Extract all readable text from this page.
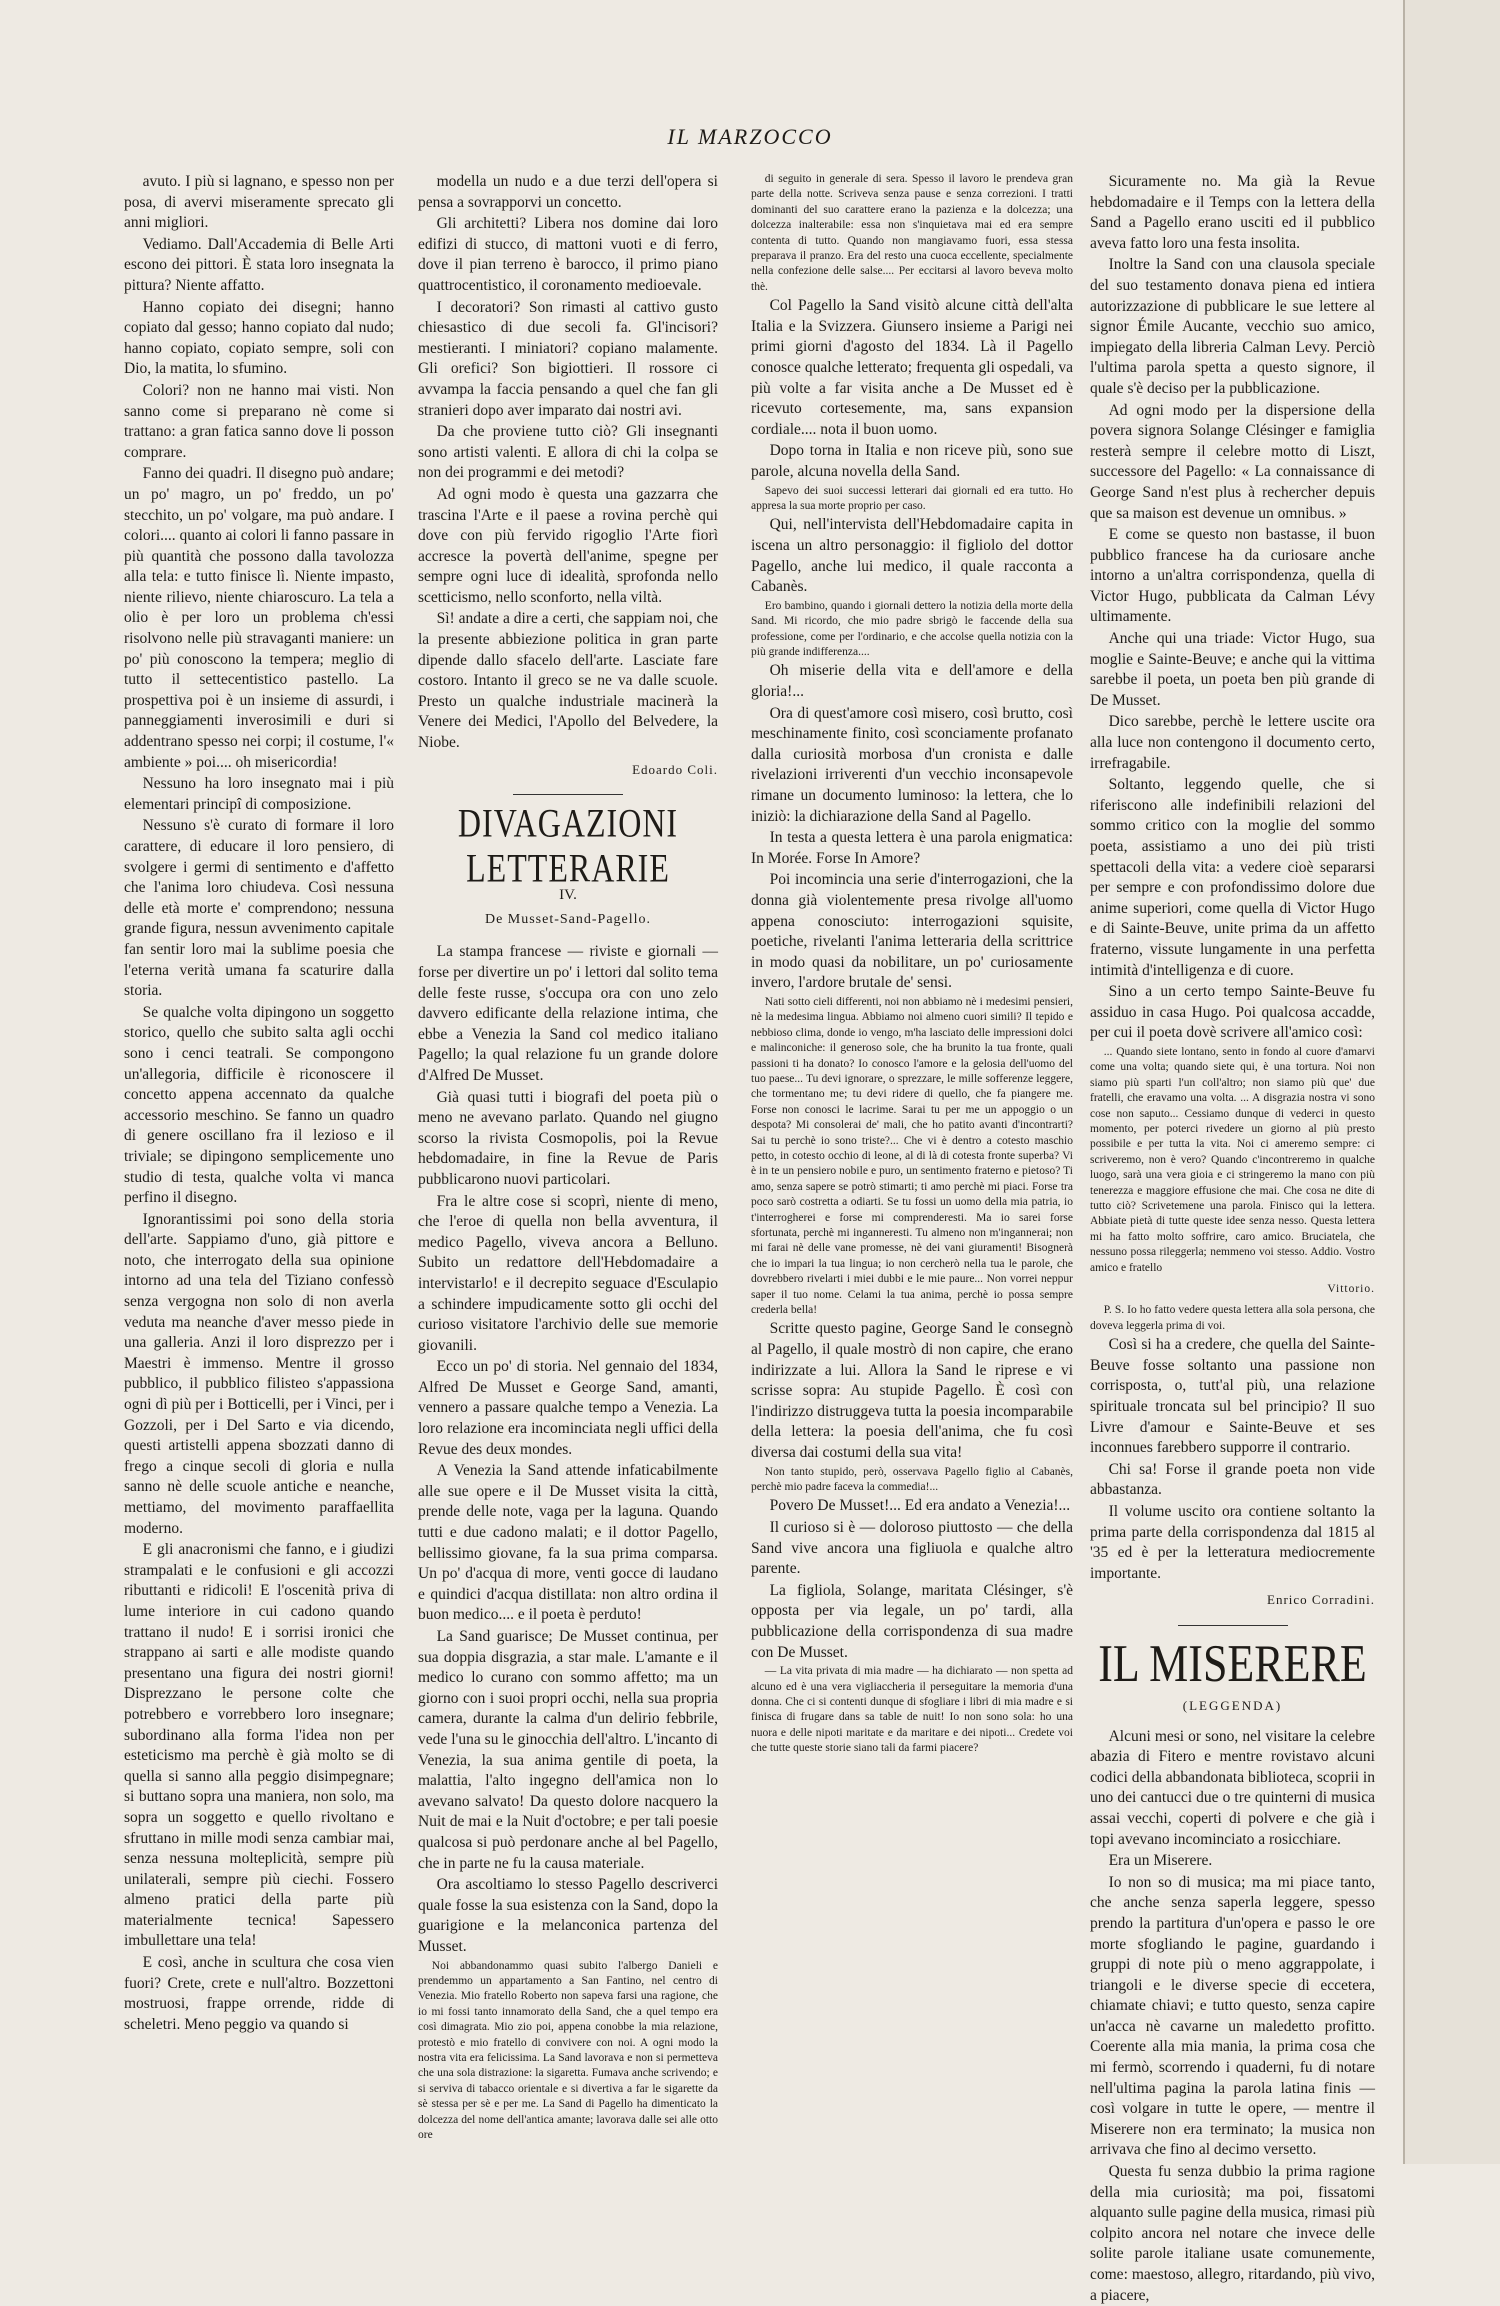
IL MARZOCCO

avuto. I più si lagnano, e spesso non per posa, di avervi miseramente sprecato gli anni migliori.

Vediamo. Dall'Accademia di Belle Arti escono dei pittori. È stata loro insegnata la pittura? Niente affatto.

Hanno copiato dei disegni; hanno copiato dal gesso; hanno copiato dal nudo; hanno copiato, copiato sempre, soli con Dio, la matita, lo sfumino.

Colori? non ne hanno mai visti. Non sanno come si preparano nè come si trattano: a gran fatica sanno dove li posson comprare.

Fanno dei quadri. Il disegno può andare; un po' magro, un po' freddo, un po' stecchito, un po' volgare, ma può andare. I colori.... quanto ai colori li fanno passare in più quantità che possono dalla tavolozza alla tela: e tutto finisce lì. Niente impasto, niente rilievo, niente chiaroscuro. La tela a olio è per loro un problema ch'essi risolvono nelle più stravaganti maniere: un po' più conoscono la tempera; meglio di tutto il settecentistico pastello. La prospettiva poi è un insieme di assurdi, i panneggiamenti inverosimili e duri si addentrano spesso nei corpi; il costume, l'« ambiente » poi.... oh misericordia!

Nessuno ha loro insegnato mai i più elementari principî di composizione.

Nessuno s'è curato di formare il loro carattere, di educare il loro pensiero, di svolgere i germi di sentimento e d'affetto che l'anima loro chiudeva. Così nessuna delle età morte e' comprendono; nessuna grande figura, nessun avvenimento capitale fan sentir loro mai la sublime poesia che l'eterna verità umana fa scaturire dalla storia.

Se qualche volta dipingono un soggetto storico, quello che subito salta agli occhi sono i cenci teatrali. Se compongono un'allegoria, difficile è riconoscere il concetto appena accennato da qualche accessorio meschino. Se fanno un quadro di genere oscillano fra il lezioso e il triviale; se dipingono semplicemente uno studio di testa, qualche volta vi manca perfino il disegno.

Ignorantissimi poi sono della storia dell'arte. Sappiamo d'uno, già pittore e noto, che interrogato della sua opinione intorno ad una tela del Tiziano confessò senza vergogna non solo di non averla veduta ma neanche d'aver messo piede in una galleria. Anzi il loro disprezzo per i Maestri è immenso. Mentre il grosso pubblico, il pubblico filisteo s'appassiona ogni dì più per i Botticelli, per i Vinci, per i Gozzoli, per i Del Sarto e via dicendo, questi artistelli appena sbozzati danno di frego a cinque secoli di gloria e nulla sanno nè delle scuole antiche e neanche, mettiamo, del movimento paraffaellita moderno.

E gli anacronismi che fanno, e i giudizi strampalati e le confusioni e gli accozzi ributtanti e ridicoli! E l'oscenità priva di lume interiore in cui cadono quando trattano il nudo! E i sorrisi ironici che strappano ai sarti e alle modiste quando presentano una figura dei nostri giorni! Disprezzano le persone colte che potrebbero e vorrebbero loro insegnare; subordinano alla forma l'idea non per esteticismo ma perchè è già molto se di quella si sanno alla peggio disimpegnare; si buttano sopra una maniera, non solo, ma sopra un soggetto e quello rivoltano e sfruttano in mille modi senza cambiar mai, senza nessuna molteplicità, sempre più unilaterali, sempre più ciechi. Fossero almeno pratici della parte più materialmente tecnica! Sapessero imbullettare una tela!

E così, anche in scultura che cosa vien fuori? Crete, crete e null'altro. Bozzettoni mostruosi, frappe orrende, ridde di scheletri. Meno peggio va quando si

modella un nudo e a due terzi dell'opera si pensa a sovrapporvi un concetto.

Gli architetti? Libera nos domine dai loro edifizi di stucco, di mattoni vuoti e di ferro, dove il pian terreno è barocco, il primo piano quattrocentistico, il coronamento medioevale.

I decoratori? Son rimasti al cattivo gusto chiesastico di due secoli fa. Gl'incisori? mestieranti. I miniatori? copiano malamente. Gli orefici? Son bigiottieri. Il rossore ci avvampa la faccia pensando a quel che fan gli stranieri dopo aver imparato dai nostri avi.

Da che proviene tutto ciò? Gli insegnanti sono artisti valenti. E allora di chi la colpa se non dei programmi e dei metodi?

Ad ogni modo è questa una gazzarra che trascina l'Arte e il paese a rovina perchè qui dove con più fervido rigoglio l'Arte fiorì accresce la povertà dell'anime, spegne per sempre ogni luce di idealità, sprofonda nello scetticismo, nello sconforto, nella viltà.

Sì! andate a dire a certi, che sappiam noi, che la presente abbiezione politica in gran parte dipende dallo sfacelo dell'arte. Lasciate fare costoro. Intanto il greco se ne va dalle scuole. Presto un qualche industriale macinerà la Venere dei Medici, l'Apollo del Belvedere, la Niobe.

Edoardo Coli.
DIVAGAZIONI LETTERARIE
IV.
De Musset-Sand-Pagello.

La stampa francese — riviste e giornali — forse per divertire un po' i lettori dal solito tema delle feste russe, s'occupa ora con uno zelo davvero edificante della relazione intima, che ebbe a Venezia la Sand col medico italiano Pagello; la qual relazione fu un grande dolore d'Alfred De Musset.

Già quasi tutti i biografi del poeta più o meno ne avevano parlato. Quando nel giugno scorso la rivista Cosmopolis, poi la Revue hebdomadaire, in fine la Revue de Paris pubblicarono nuovi particolari.

Fra le altre cose si scoprì, niente di meno, che l'eroe di quella non bella avventura, il medico Pagello, viveva ancora a Belluno. Subito un redattore dell'Hebdomadaire a intervistarlo! e il decrepito seguace d'Esculapio a schindere impudicamente sotto gli occhi del curioso visitatore l'archivio delle sue memorie giovanili.

Ecco un po' di storia. Nel gennaio del 1834, Alfred De Musset e George Sand, amanti, vennero a passare qualche tempo a Venezia. La loro relazione era incominciata negli uffici della Revue des deux mondes.

A Venezia la Sand attende infaticabilmente alle sue opere e il De Musset visita la città, prende delle note, vaga per la laguna. Quando tutti e due cadono malati; e il dottor Pagello, bellissimo giovane, fa la sua prima comparsa. Un po' d'acqua di more, venti gocce di laudano e quindici d'acqua distillata: non altro ordina il buon medico.... e il poeta è perduto!

La Sand guarisce; De Musset continua, per sua doppia disgrazia, a star male. L'amante e il medico lo curano con sommo affetto; ma un giorno con i suoi propri occhi, nella sua propria camera, durante la calma d'un delirio febbrile, vede l'una su le ginocchia dell'altro. L'incanto di Venezia, la sua anima gentile di poeta, la malattia, l'alto ingegno dell'amica non lo avevano salvato! Da questo dolore nacquero la Nuit de mai e la Nuit d'octobre; e per tali poesie qualcosa si può perdonare anche al bel Pagello, che in parte ne fu la causa materiale.

Ora ascoltiamo lo stesso Pagello descriverci quale fosse la sua esistenza con la Sand, dopo la guarigione e la melanconica partenza del Musset.

Noi abbandonammo quasi subito l'albergo Danieli e prendemmo un appartamento a San Fantino, nel centro di Venezia. Mio fratello Roberto non sapeva farsi una ragione, che io mi fossi tanto innamorato della Sand, che a quel tempo era così dimagrata. Mio zio poi, appena conobbe la mia relazione, protestò e mio fratello di convivere con noi. A ogni modo la nostra vita era felicissima. La Sand lavorava e non si permetteva che una sola distrazione: la sigaretta. Fumava anche scrivendo; e si serviva di tabacco orientale e si divertiva a far le sigarette da sè stessa per sè e per me. La Sand di Pagello ha dimenticato la dolcezza del nome dell'antica amante; lavorava dalle sei alle otto ore

di seguito in generale di sera. Spesso il lavoro le prendeva gran parte della notte. Scriveva senza pause e senza correzioni. I tratti dominanti del suo carattere erano la pazienza e la dolcezza; una dolcezza inalterabile: essa non s'inquietava mai ed era sempre contenta di tutto. Quando non mangiavamo fuori, essa stessa preparava il pranzo. Era del resto una cuoca eccellente, specialmente nella confezione delle salse.... Per eccitarsi al lavoro beveva molto thè.

Col Pagello la Sand visitò alcune città dell'alta Italia e la Svizzera. Giunsero insieme a Parigi nei primi giorni d'agosto del 1834. Là il Pagello conosce qualche letterato; frequenta gli ospedali, va più volte a far visita anche a De Musset ed è ricevuto cortesemente, ma, sans expansion cordiale.... nota il buon uomo.

Dopo torna in Italia e non riceve più, sono sue parole, alcuna novella della Sand.

Sapevo dei suoi successi letterari dai giornali ed era tutto. Ho appresa la sua morte proprio per caso.

Qui, nell'intervista dell'Hebdomadaire capita in iscena un altro personaggio: il figliolo del dottor Pagello, anche lui medico, il quale racconta a Cabanès.

Ero bambino, quando i giornali dettero la notizia della morte della Sand. Mi ricordo, che mio padre sbrigò le faccende della sua professione, come per l'ordinario, e che accolse quella notizia con la più grande indifferenza....

Oh miserie della vita e dell'amore e della gloria!...

Ora di quest'amore così misero, così brutto, così meschinamente finito, così sconciamente profanato dalla curiosità morbosa d'un cronista e dalle rivelazioni irriverenti d'un vecchio inconsapevole rimane un documento luminoso: la lettera, che lo iniziò: la dichiarazione della Sand al Pagello.

In testa a questa lettera è una parola enigmatica: In Morée. Forse In Amore?

Poi incomincia una serie d'interrogazioni, che la donna già violentemente presa rivolge all'uomo appena conosciuto: interrogazioni squisite, poetiche, rivelanti l'anima letteraria della scrittrice in modo quasi da nobilitare, un po' curiosamente invero, l'ardore brutale de' sensi.

Nati sotto cieli differenti, noi non abbiamo nè i medesimi pensieri, nè la medesima lingua. Abbiamo noi almeno cuori simili? Il tepido e nebbioso clima, donde io vengo, m'ha lasciato delle impressioni dolci e malinconiche: il generoso sole, che ha brunito la tua fronte, quali passioni ti ha donato? Io conosco l'amore e la gelosia dell'uomo del tuo paese... Tu devi ignorare, o sprezzare, le mille sofferenze leggere, che tormentano me; tu devi ridere di quello, che fa piangere me. Forse non conosci le lacrime. Sarai tu per me un appoggio o un despota? Mi consolerai de' mali, che ho patito avanti d'incontrarti? Sai tu perchè io sono triste?... Che vi è dentro a cotesto maschio petto, in cotesto occhio di leone, al di là di cotesta fronte superba? Vi è in te un pensiero nobile e puro, un sentimento fraterno e pietoso? Ti amo, senza sapere se potrò stimarti; ti amo perchè mi piaci. Forse tra poco sarò costretta a odiarti. Se tu fossi un uomo della mia patria, io t'interrogherei e forse mi comprenderesti. Ma io sarei forse sfortunata, perchè mi inganneresti. Tu almeno non m'ingannerai; non mi farai nè delle vane promesse, nè dei vani giuramenti! Bisognerà che io impari la tua lingua; io non cercherò nella tua le parole, che dovrebbero rivelarti i miei dubbi e le mie paure... Non vorrei neppur saper il tuo nome. Celami la tua anima, perchè io possa sempre crederla bella!

Scritte questo pagine, George Sand le consegnò al Pagello, il quale mostrò di non capire, che erano indirizzate a lui. Allora la Sand le riprese e vi scrisse sopra: Au stupide Pagello. È così con l'indirizzo distruggeva tutta la poesia incomparabile della lettera: la poesia dell'anima, che fu così diversa dai costumi della sua vita!

Non tanto stupido, però, osservava Pagello figlio al Cabanès, perchè mio padre faceva la commedia!...

Povero De Musset!... Ed era andato a Venezia!...

Il curioso si è — doloroso piuttosto — che della Sand vive ancora una figliuola e qualche altro parente.

La figliola, Solange, maritata Clésinger, s'è opposta per via legale, un po' tardi, alla pubblicazione della corrispondenza di sua madre con De Musset.

— La vita privata di mia madre — ha dichiarato — non spetta ad alcuno ed è una vera vigliaccheria il perseguitare la memoria d'una donna. Che ci si contenti dunque di sfogliare i libri di mia madre e si finisca di frugare dans sa table de nuit! Io non sono sola: ho una nuora e delle nipoti maritate e da maritare e dei nipoti... Credete voi che tutte queste storie siano tali da farmi piacere?

Sicuramente no. Ma già la Revue hebdomadaire e il Temps con la lettera della Sand a Pagello erano usciti ed il pubblico aveva fatto loro una festa insolita.

Inoltre la Sand con una clausola speciale del suo testamento donava piena ed intiera autorizzazione di pubblicare le sue lettere al signor Émile Aucante, vecchio suo amico, impiegato della libreria Calman Levy. Perciò l'ultima parola spetta a questo signore, il quale s'è deciso per la pubblicazione.

Ad ogni modo per la dispersione della povera signora Solange Clésinger e famiglia resterà sempre il celebre motto di Liszt, successore del Pagello: « La connaissance di George Sand n'est plus à rechercher depuis que sa maison est devenue un omnibus. »

E come se questo non bastasse, il buon pubblico francese ha da curiosare anche intorno a un'altra corrispondenza, quella di Victor Hugo, pubblicata da Calman Lévy ultimamente.

Anche qui una triade: Victor Hugo, sua moglie e Sainte-Beuve; e anche qui la vittima sarebbe il poeta, un poeta ben più grande di De Musset.

Dico sarebbe, perchè le lettere uscite ora alla luce non contengono il documento certo, irrefragabile.

Soltanto, leggendo quelle, che si riferiscono alle indefinibili relazioni del sommo critico con la moglie del sommo poeta, assistiamo a uno dei più tristi spettacoli della vita: a vedere cioè separarsi per sempre e con profondissimo dolore due anime superiori, come quella di Victor Hugo e di Sainte-Beuve, unite prima da un affetto fraterno, vissute lungamente in una perfetta intimità d'intelligenza e di cuore.

Sino a un certo tempo Sainte-Beuve fu assiduo in casa Hugo. Poi qualcosa accadde, per cui il poeta dovè scrivere all'amico così:

... Quando siete lontano, sento in fondo al cuore d'amarvi come una volta; quando siete qui, è una tortura. Noi non siamo più sparti l'un coll'altro; non siamo più que' due fratelli, che eravamo una volta. ... A disgrazia nostra vi sono cose non saputo... Cessiamo dunque di vederci in questo momento, per poterci rivedere un giorno al più presto possibile e per tutta la vita. Noi ci ameremo sempre: ci scriveremo, non è vero? Quando c'incontreremo in qualche luogo, sarà una vera gioia e ci stringeremo la mano con più tenerezza e maggiore effusione che mai. Che cosa ne dite di tutto ciò? Scrivetemene una parola. Finisco qui la lettera. Abbiate pietà di tutte queste idee senza nesso. Questa lettera mi ha fatto molto soffrire, caro amico. Bruciatela, che nessuno possa rileggerla; nemmeno voi stesso. Addio. Vostro amico e fratello

Vittorio.

P. S. Io ho fatto vedere questa lettera alla sola persona, che doveva leggerla prima di voi.

Così si ha a credere, che quella del Sainte-Beuve fosse soltanto una passione non corrisposta, o, tutt'al più, una relazione spirituale troncata sul bel principio? Il suo Livre d'amour e Sainte-Beuve et ses inconnues farebbero supporre il contrario.

Chi sa! Forse il grande poeta non vide abbastanza.

Il volume uscito ora contiene soltanto la prima parte della corrispondenza dal 1815 al '35 ed è per la letteratura mediocremente importante.

Enrico Corradini.
IL MISERERE
(LEGGENDA)

Alcuni mesi or sono, nel visitare la celebre abazia di Fitero e mentre rovistavo alcuni codici della abbandonata biblioteca, scoprii in uno dei cantucci due o tre quinterni di musica assai vecchi, coperti di polvere e che già i topi avevano incominciato a rosicchiare.

Era un Miserere.

Io non so di musica; ma mi piace tanto, che anche senza saperla leggere, spesso prendo la partitura d'un'opera e passo le ore morte sfogliando le pagine, guardando i gruppi di note più o meno aggrappolate, i triangoli e le diverse specie di eccetera, chiamate chiavi; e tutto questo, senza capire un'acca nè cavarne un maledetto profitto. Coerente alla mia mania, la prima cosa che mi fermò, scorrendo i quaderni, fu di notare nell'ultima pagina la parola latina finis — così volgare in tutte le opere, — mentre il Miserere non era terminato; la musica non arrivava che fino al decimo versetto.

Questa fu senza dubbio la prima ragione della mia curiosità; ma poi, fissatomi alquanto sulle pagine della musica, rimasi più colpito ancora nel notare che invece delle solite parole italiane usate comunemente, come: maestoso, allegro, ritardando, più vivo, a piacere,
